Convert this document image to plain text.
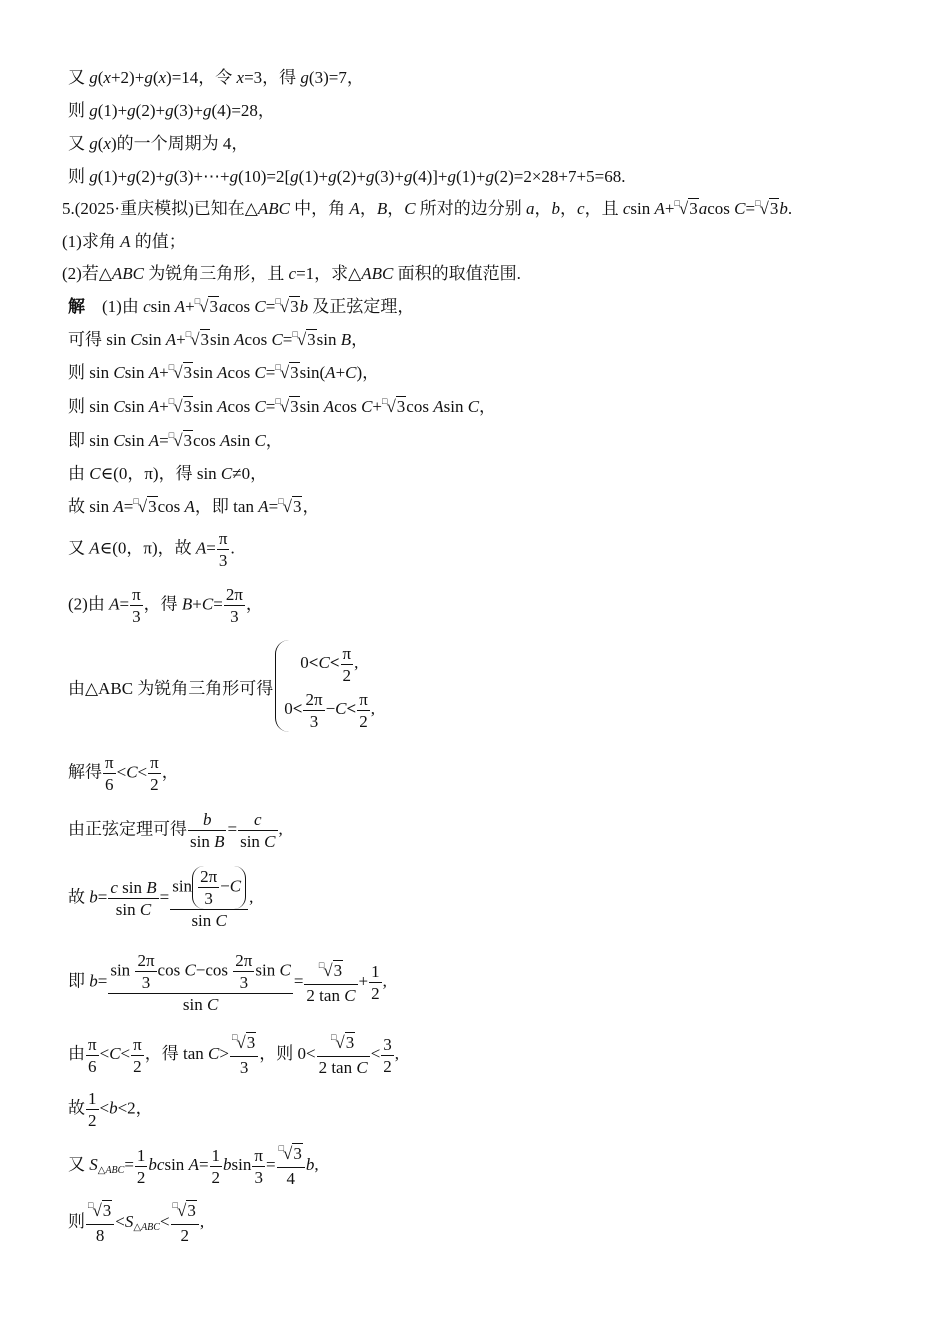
又 g(x+2)+g(x)=14，令 x=3，得 g(3)=7，
则 g(1)+g(2)+g(3)+g(4)=28，
又 g(x)的一个周期为 4，
则 g(1)+g(2)+g(3)+⋯+g(10)=2[g(1)+g(2)+g(3)+g(4)]+g(1)+g(2)=2×28+7+5=68.
5.(2025·重庆模拟)已知在△ABC 中，角 A，B，C 所对的边分别 a，b，c，且 csin A+□√3acos C=□√3b.
(1)求角 A 的值；
(2)若△ABC 为锐角三角形，且 c=1，求△ABC 面积的取值范围.
解　(1)由 csin A+□√3acos C=□√3b 及正弦定理，
可得 sin Csin A+□√3sin Acos C=□√3sin B，
则 sin Csin A+□√3sin Acos C=□√3sin(A+C)，
则 sin Csin A+□√3sin Acos C=□√3sin Acos C+□√3cos Asin C，
即 sin Csin A=□√3cos Asin C，
由 C∈(0，π)，得 sin C≠0，
故 sin A=□√3cos A，即 tan A=□√3，
又 A∈(0，π)，故 $A= \frac{\pi}{3}$ .
(2)由 $A= \frac{\pi}{3}$ ，得 $B+C= \frac{2\pi}{3}$ ，
由△ABC 为锐角三角形可得
$0<C< \frac{\pi}{2}$ ,
$0< \frac{2\pi}{3} -C< \frac{\pi}{2}$ ,
解得 $\frac{\pi}{6} <C< \frac{\pi}{2}$ ，
由正弦定理可得 $\frac{b}{\text{sin B}} = \frac{c}{\text{sin C}}$ ,
故 $b= \frac{\text{c sin B}}{\text{sin C}} = \frac{\sin \frac{2\pi}{3} -C}{\text{sin C}}$ ,
即 $b= \frac{\sin \frac{2\pi}{3} \cos C-\cos \frac{2\pi}{3} \sin C}{\text{sin C}} = \frac{^□√3}{\text{2 tan C}} + \frac{1}{2}$ ,
由 $\frac{\pi}{6} <C< \frac{\pi}{2}$ ，得 $\tan C> \frac{^□√3}{3}$ ，则 $0< \frac{^□√3}{\text{2 tan C}} < \frac{3}{2}$ ,
故 $\frac{1}{2} <b<2$，
又 $S_{\triangle ABC}= \frac{1}{2}$ bcsin $A= \frac{1}{2}$ bsin $\frac{\pi}{3} = \frac{^□√3}{4} b$,
则 $\frac{^□√3}{8} <S_{\triangle ABC}< \frac{^□√3}{2}$ ,
